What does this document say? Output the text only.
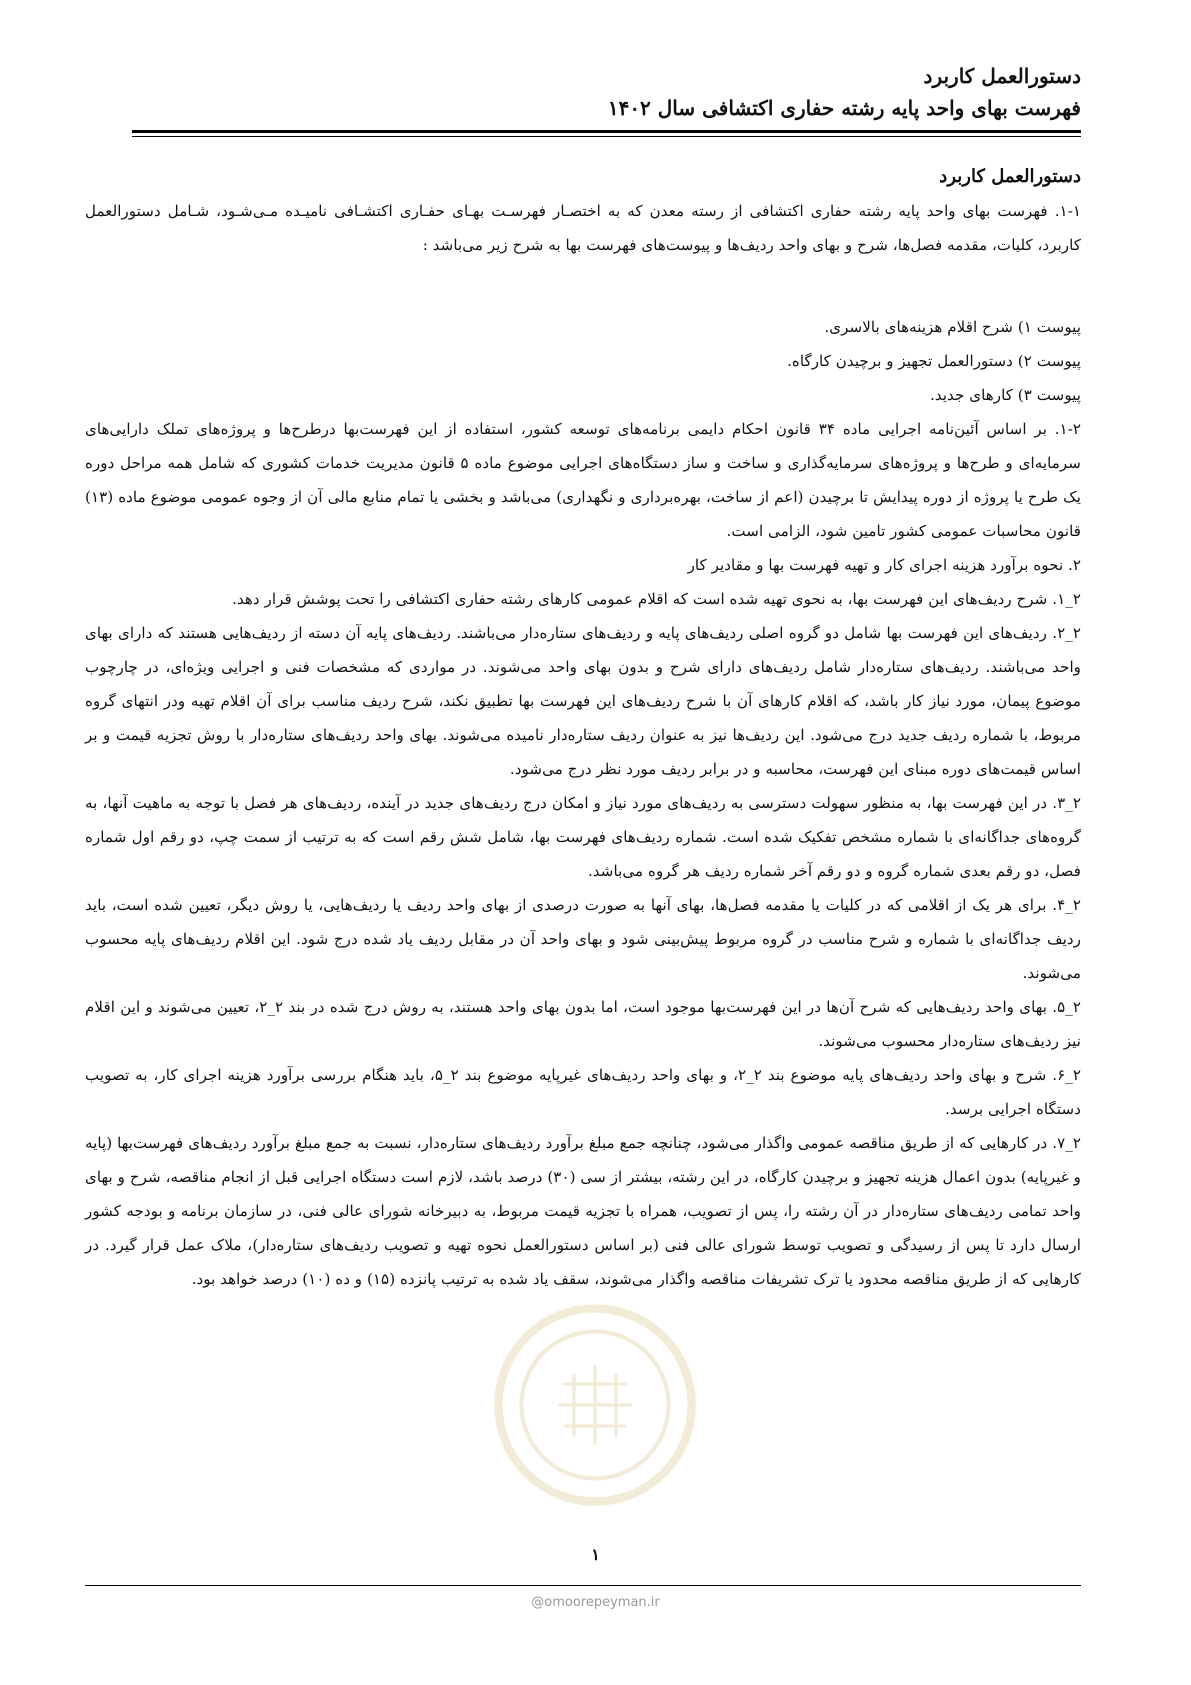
دستورالعمل کاربرد
فهرست بهای واحد پایه رشته حفاری اکتشافی سال ۱۴۰۲

دستورالعمل کاربرد

۱-۱. فهرست بهای واحد پایه رشته حفاری اکتشافی از رسته معدن که به اختصـار فهرسـت بهـای حفـاری اکتشـافی نامیـده مـی‌شـود، شـامل دستورالعمل کاربرد، کلیات، مقدمه فصل‌ها، شرح و بهای واحد ردیف‌ها و پیوست‌های فهرست بها به شرح زیر می‌باشد :

پیوست ۱) شرح اقلام هزینه‌های بالاسری.

پیوست ۲) دستورالعمل تجهیز و برچیدن کارگاه.

پیوست ۳) کارهای جدید.

۱-۲. بر اساس آئین‌نامه اجرایی ماده ۳۴ قانون احکام دایمی برنامه‌های توسعه کشور، استفاده از این فهرست‌بها درطرح‌ها و پروژه‌های تملک دارایی‌های سرمایه‌ای و طرح‌ها و پروژه‌های سرمایه‌گذاری و ساخت و ساز دستگاه‌های اجرایی موضوع ماده ۵ قانون مدیریت خدمات کشوری که شامل همه مراحل دوره یک طرح یا پروژه از دوره پیدایش تا برچیدن (اعم از ساخت، بهره‌برداری و نگهداری) می‌باشد و بخشی یا تمام منابع مالی آن از وجوه عمومی موضوع ماده (۱۳) قانون محاسبات عمومی کشور تامین شود، الزامی است.

۲. نحوه برآورد هزینه اجرای کار و تهیه فهرست بها و مقادیر کار

۲_۱. شرح ردیف‌های این فهرست بها، به نحوی تهیه شده است که اقلام عمومی کارهای رشته حفاری اکتشافی را تحت پوشش قرار دهد.

۲_۲. ردیف‌های این فهرست بها شامل دو گروه اصلی ردیف‌های پایه و ردیف‌های ستاره‌دار می‌باشند. ردیف‌های پایه آن دسته از ردیف‌هایی هستند که دارای بهای واحد می‌باشند. ردیف‌های ستاره‌دار شامل ردیف‌های دارای شرح و بدون بهای واحد می‌شوند. در مواردی که مشخصات فنی و اجرایی ویژه‌ای، در چارچوب موضوع پیمان، مورد نیاز کار باشد، که اقلام کارهای آن با شرح ردیف‌های این فهرست بها تطبیق نکند، شرح ردیف مناسب برای آن اقلام تهیه ودر انتهای گروه مربوط، با شماره ردیف جدید درج می‌شود. این ردیف‌ها نیز به عنوان ردیف ستاره‌دار نامیده می‌شوند. بهای واحد ردیف‌های ستاره‌دار با روش تجزیه قیمت و بر اساس قیمت‌های دوره مبنای این فهرست، محاسبه و در برابر ردیف مورد نظر درج می‌شود.

۲_۳. در این فهرست بها، به منظور سهولت دسترسی به ردیف‌های مورد نیاز و امکان درج ردیف‌های جدید در آینده، ردیف‌های هر فصل با توجه به ماهیت آنها، به گروه‌های جداگانه‌ای با شماره مشخص تفکیک شده است. شماره ردیف‌های فهرست بها، شامل شش رقم است که به ترتیب از سمت چپ، دو رقم اول شماره فصل، دو رقم بعدی شماره گروه و دو رقم آخر شماره ردیف هر گروه می‌باشد.

۲_۴. برای هر یک از اقلامی که در کلیات یا مقدمه فصل‌ها، بهای آنها به صورت درصدی از بهای واحد ردیف یا ردیف‌هایی، یا روش دیگر، تعیین شده است، باید ردیف جداگانه‌ای با شماره و شرح مناسب در گروه مربوط پیش‌بینی شود و بهای واحد آن در مقابل ردیف یاد شده درج شود. این اقلام ردیف‌های پایه محسوب می‌شوند.

۲_۵. بهای واحد ردیف‌هایی که شرح آن‌ها در این فهرست‌بها موجود است، اما بدون بهای واحد هستند، به روش درج شده در بند ۲_۲، تعیین می‌شوند و این اقلام نیز ردیف‌های ستاره‌دار محسوب می‌شوند.

۲_۶. شرح و بهای واحد ردیف‌های پایه موضوع بند ۲_۲، و بهای واحد ردیف‌های غیرپایه موضوع بند ۲_۵، باید هنگام بررسی برآورد هزینه اجرای کار، به تصویب دستگاه اجرایی برسد.

۲_۷. در کارهایی که از طریق مناقصه عمومی واگذار می‌شود، چنانچه جمع مبلغ برآورد ردیف‌های ستاره‌دار، نسبت به جمع مبلغ برآورد ردیف‌های فهرست‌بها (پایه و غیرپایه) بدون اعمال هزینه تجهیز و برچیدن کارگاه، در این رشته، بیشتر از سی (۳۰) درصد باشد، لازم است دستگاه اجرایی قبل از انجام مناقصه، شرح و بهای واحد تمامی ردیف‌های ستاره‌دار در آن رشته را، پس از تصویب، همراه با تجزیه قیمت مربوط، به دبیرخانه شورای عالی فنی، در سازمان برنامه و بودجه کشور ارسال دارد تا پس از رسیدگی و تصویب توسط شورای عالی فنی (بر اساس دستورالعمل نحوه تهیه و تصویب ردیف‌های ستاره‌دار)، ملاک عمل قرار گیرد. در کارهایی که از طریق مناقصه محدود یا ترک تشریفات مناقصه واگذار می‌شوند، سقف یاد شده به ترتیب پانزده (۱۵) و ده (۱۰) درصد خواهد بود.

۱
@omoorepeyman.ir
